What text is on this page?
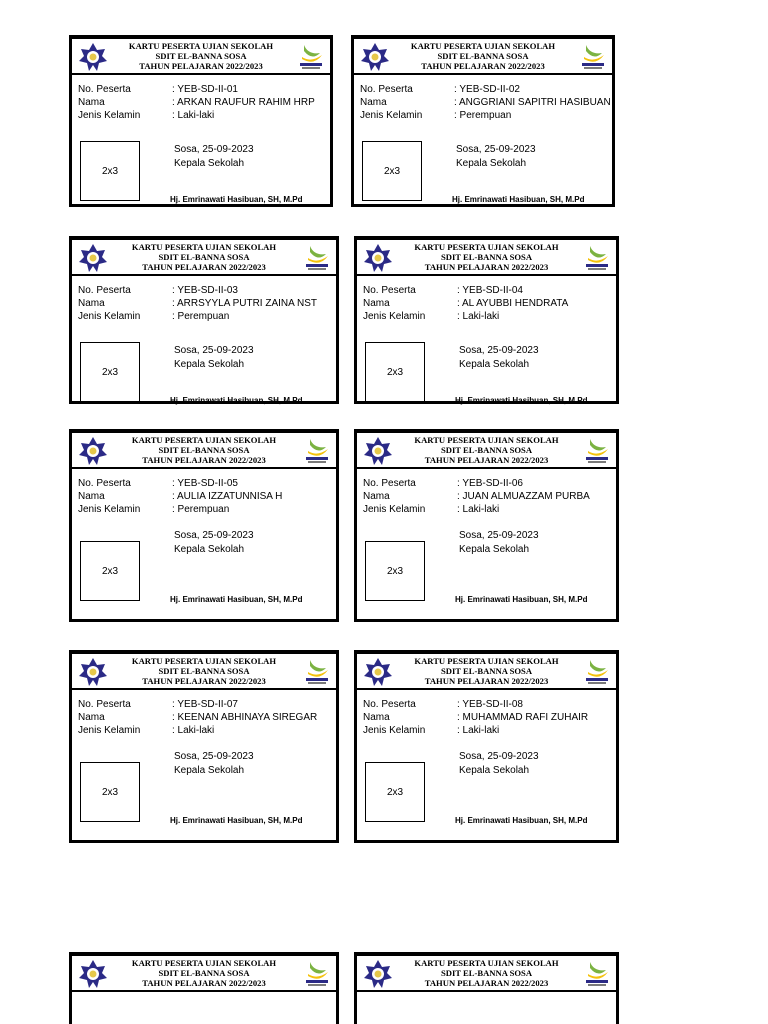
KARTU PESERTA UJIAN SEKOLAH
SDIT EL-BANNA SOSA
TAHUN PELAJARAN 2022/2023
No. Peserta	: YEB-SD-II-01
Nama	: ARKAN RAUFUR RAHIM HRP
Jenis Kelamin	: Laki-laki
2x3
Sosa, 25-09-2023
Kepala Sekolah
Hj. Emrinawati Hasibuan, SH, M.Pd
KARTU PESERTA UJIAN SEKOLAH
SDIT EL-BANNA SOSA
TAHUN PELAJARAN 2022/2023
No. Peserta	: YEB-SD-II-02
Nama	: ANGGRIANI SAPITRI HASIBUAN
Jenis Kelamin	: Perempuan
2x3
Sosa, 25-09-2023
Kepala Sekolah
Hj. Emrinawati Hasibuan, SH, M.Pd
KARTU PESERTA UJIAN SEKOLAH
SDIT EL-BANNA SOSA
TAHUN PELAJARAN 2022/2023
No. Peserta	: YEB-SD-II-03
Nama	: ARRSYYLA PUTRI ZAINA NST
Jenis Kelamin	: Perempuan
2x3
Sosa, 25-09-2023
Kepala Sekolah
Hj. Emrinawati Hasibuan, SH, M.Pd
KARTU PESERTA UJIAN SEKOLAH
SDIT EL-BANNA SOSA
TAHUN PELAJARAN 2022/2023
No. Peserta	: YEB-SD-II-04
Nama	: AL AYUBBI HENDRATA
Jenis Kelamin	: Laki-laki
2x3
Sosa, 25-09-2023
Kepala Sekolah
Hj. Emrinawati Hasibuan, SH, M.Pd
KARTU PESERTA UJIAN SEKOLAH
SDIT EL-BANNA SOSA
TAHUN PELAJARAN 2022/2023
No. Peserta	: YEB-SD-II-05
Nama	: AULIA IZZATUNNISA H
Jenis Kelamin	: Perempuan
2x3
Sosa, 25-09-2023
Kepala Sekolah
Hj. Emrinawati Hasibuan, SH, M.Pd
KARTU PESERTA UJIAN SEKOLAH
SDIT EL-BANNA SOSA
TAHUN PELAJARAN 2022/2023
No. Peserta	: YEB-SD-II-06
Nama	: JUAN ALMUAZZAM PURBA
Jenis Kelamin	: Laki-laki
2x3
Sosa, 25-09-2023
Kepala Sekolah
Hj. Emrinawati Hasibuan, SH, M.Pd
KARTU PESERTA UJIAN SEKOLAH
SDIT EL-BANNA SOSA
TAHUN PELAJARAN 2022/2023
No. Peserta	: YEB-SD-II-07
Nama	: KEENAN ABHINAYA SIREGAR
Jenis Kelamin	: Laki-laki
2x3
Sosa, 25-09-2023
Kepala Sekolah
Hj. Emrinawati Hasibuan, SH, M.Pd
KARTU PESERTA UJIAN SEKOLAH
SDIT EL-BANNA SOSA
TAHUN PELAJARAN 2022/2023
No. Peserta	: YEB-SD-II-08
Nama	: MUHAMMAD RAFI ZUHAIR
Jenis Kelamin	: Laki-laki
2x3
Sosa, 25-09-2023
Kepala Sekolah
Hj. Emrinawati Hasibuan, SH, M.Pd
KARTU PESERTA UJIAN SEKOLAH
SDIT EL-BANNA SOSA
TAHUN PELAJARAN 2022/2023
KARTU PESERTA UJIAN SEKOLAH
SDIT EL-BANNA SOSA
TAHUN PELAJARAN 2022/2023
